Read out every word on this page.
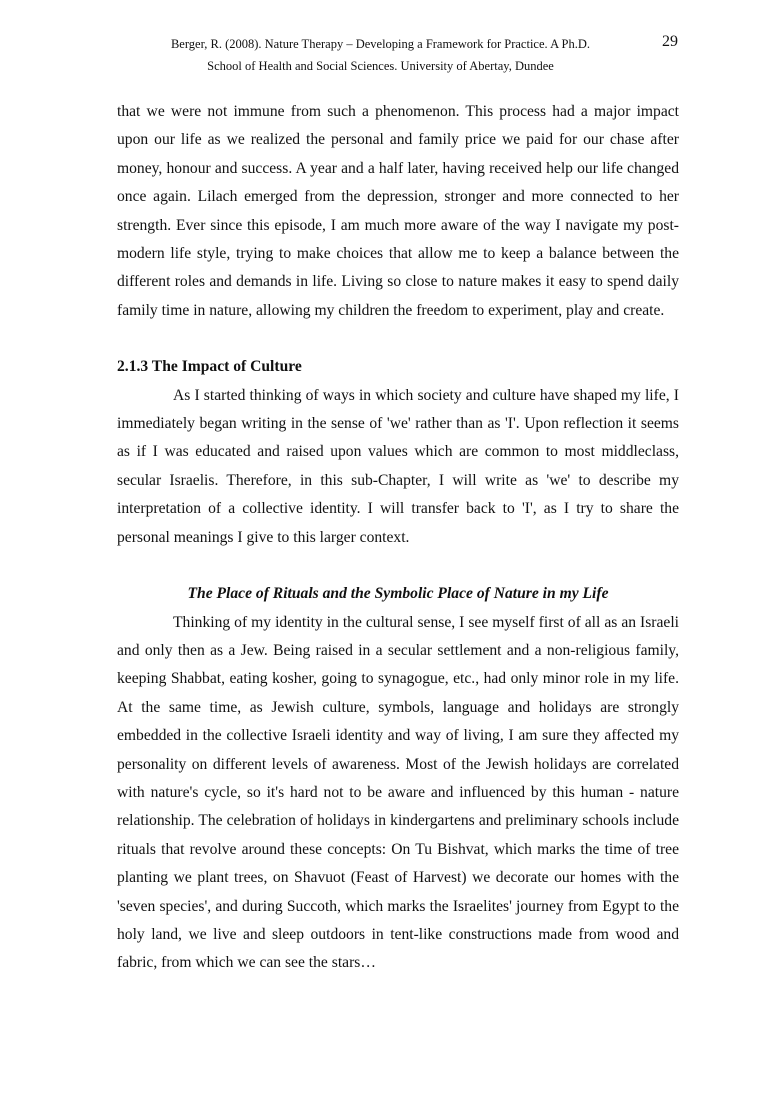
Berger, R. (2008). Nature Therapy – Developing a Framework for Practice. A Ph.D.
School of Health and Social Sciences. University of Abertay, Dundee
29

that we were not immune from such a phenomenon. This process had a major impact upon our life as we realized the personal and family price we paid for our chase after money, honour and success. A year and a half later, having received help our life changed once again. Lilach emerged from the depression, stronger and more connected to her strength. Ever since this episode, I am much more aware of the way I navigate my post-modern life style, trying to make choices that allow me to keep a balance between the different roles and demands in life. Living so close to nature makes it easy to spend daily family time in nature, allowing my children the freedom to experiment, play and create.

2.1.3 The Impact of Culture

As I started thinking of ways in which society and culture have shaped my life, I immediately began writing in the sense of 'we' rather than as 'I'. Upon reflection it seems as if I was educated and raised upon values which are common to most middleclass, secular Israelis. Therefore, in this sub-Chapter, I will write as 'we' to describe my interpretation of a collective identity. I will transfer back to 'I', as I try to share the personal meanings I give to this larger context.

The Place of Rituals and the Symbolic Place of Nature in my Life

Thinking of my identity in the cultural sense, I see myself first of all as an Israeli and only then as a Jew. Being raised in a secular settlement and a non-religious family, keeping Shabbat, eating kosher, going to synagogue, etc., had only minor role in my life. At the same time, as Jewish culture, symbols, language and holidays are strongly embedded in the collective Israeli identity and way of living, I am sure they affected my personality on different levels of awareness. Most of the Jewish holidays are correlated with nature's cycle, so it's hard not to be aware and influenced by this human - nature relationship. The celebration of holidays in kindergartens and preliminary schools include rituals that revolve around these concepts: On Tu Bishvat, which marks the time of tree planting we plant trees, on Shavuot (Feast of Harvest) we decorate our homes with the 'seven species', and during Succoth, which marks the Israelites' journey from Egypt to the holy land, we live and sleep outdoors in tent-like constructions made from wood and fabric, from which we can see the stars…
